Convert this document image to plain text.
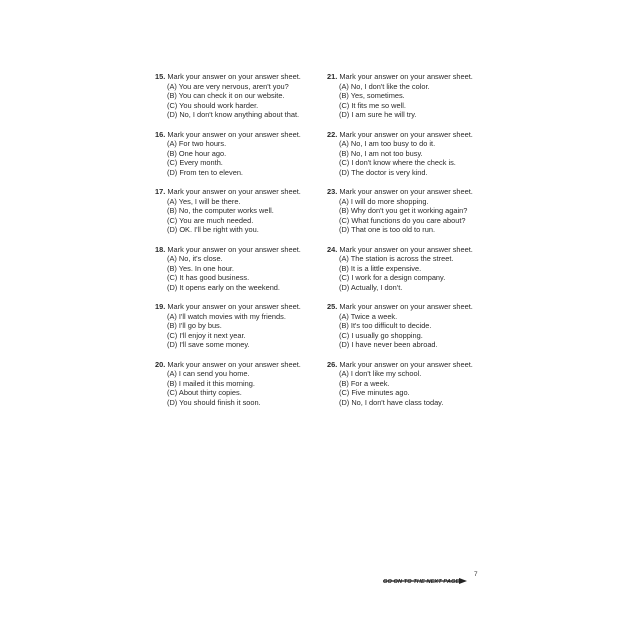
15. Mark your answer on your answer sheet.
(A) You are very nervous, aren't you?
(B) You can check it on our website.
(C) You should work harder.
(D) No, I don't know anything about that.
16. Mark your answer on your answer sheet.
(A) For two hours.
(B) One hour ago.
(C) Every month.
(D) From ten to eleven.
17. Mark your answer on your answer sheet.
(A) Yes, I will be there.
(B) No, the computer works well.
(C) You are much needed.
(D) OK. I'll be right with you.
18. Mark your answer on your answer sheet.
(A) No, it's close.
(B) Yes. In one hour.
(C) It has good business.
(D) It opens early on the weekend.
19. Mark your answer on your answer sheet.
(A) I'll watch movies with my friends.
(B) I'll go by bus.
(C) I'll enjoy it next year.
(D) I'll save some money.
20. Mark your answer on your answer sheet.
(A) I can send you home.
(B) I mailed it this morning.
(C) About thirty copies.
(D) You should finish it soon.
21. Mark your answer on your answer sheet.
(A) No, I don't like the color.
(B) Yes, sometimes.
(C) It fits me so well.
(D) I am sure he will try.
22. Mark your answer on your answer sheet.
(A) No, I am too busy to do it.
(B) No, I am not too busy.
(C) I don't know where the check is.
(D) The doctor is very kind.
23. Mark your answer on your answer sheet.
(A) I will do more shopping.
(B) Why don't you get it working again?
(C) What functions do you care about?
(D) That one is too old to run.
24. Mark your answer on your answer sheet.
(A) The station is across the street.
(B) It is a little expensive.
(C) I work for a design company.
(D) Actually, I don't.
25. Mark your answer on your answer sheet.
(A) Twice a week.
(B) It's too difficult to decide.
(C) I usually go shopping.
(D) I have never been abroad.
26. Mark your answer on your answer sheet.
(A) I don't like my school.
(B) For a week.
(C) Five minutes ago.
(D) No, I don't have class today.
GO ON TO THE NEXT PAGE
7
